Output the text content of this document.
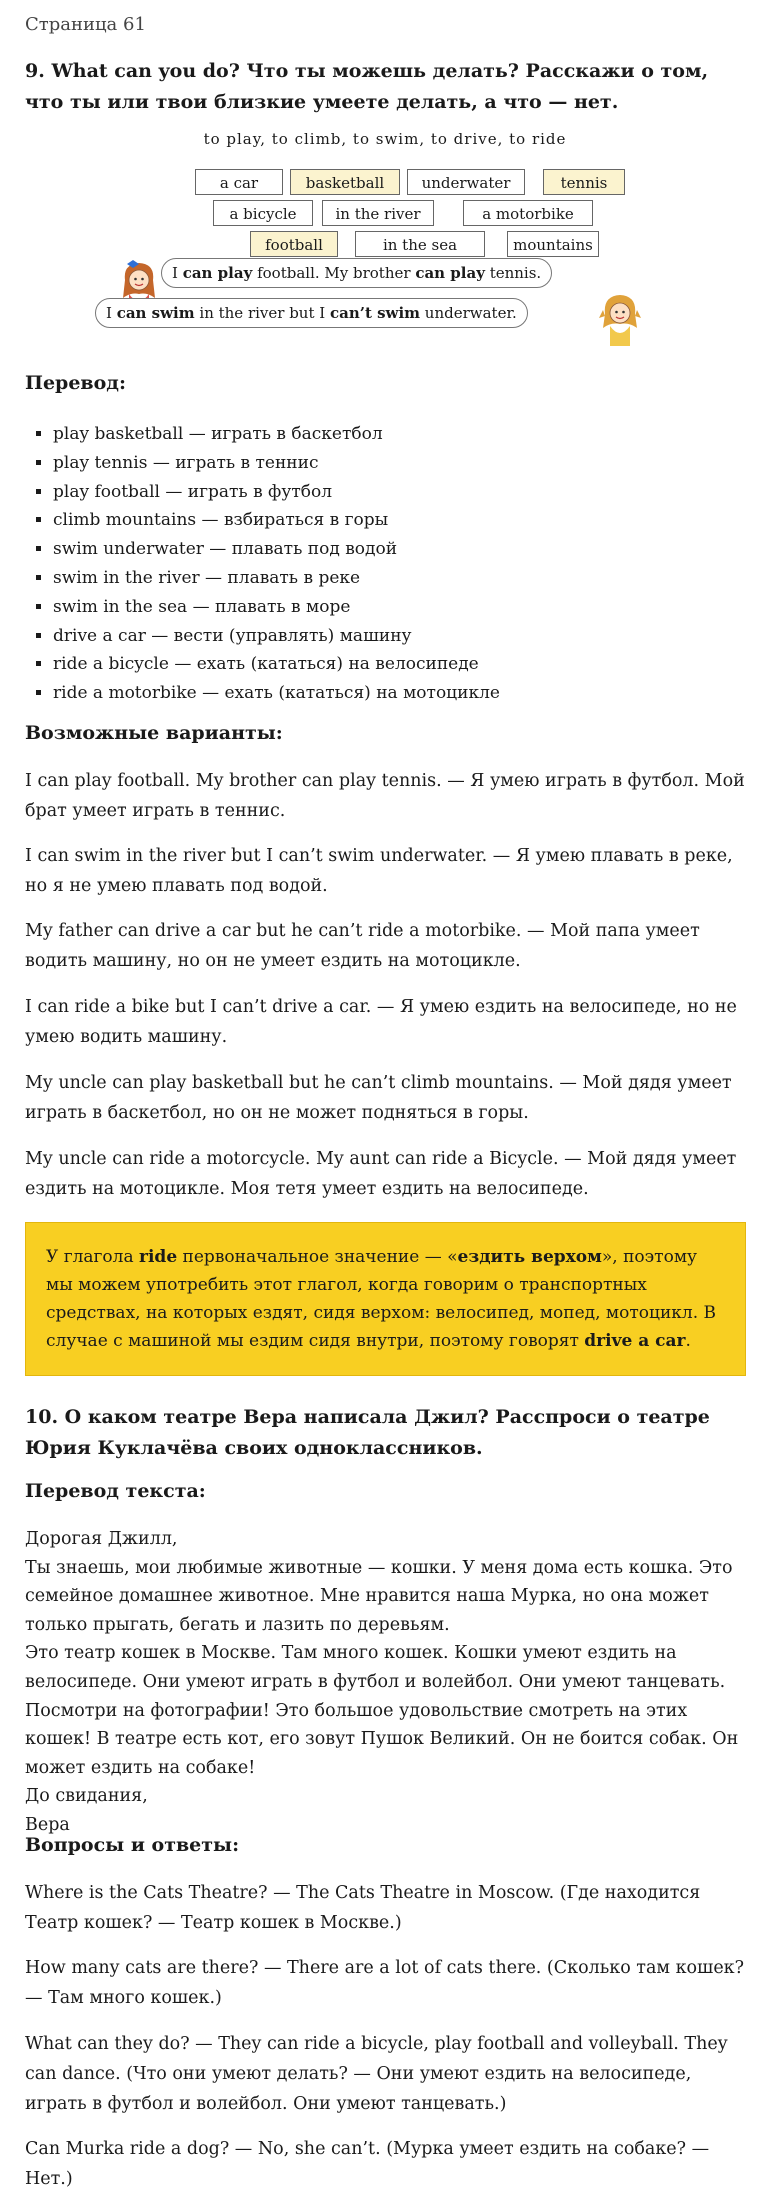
Страница 61
9. What can you do? Что ты можешь делать? Расскажи о том, что ты или твои близкие умеете делать, а что — нет.
to play, to climb, to swim, to drive, to ride
a car	basketball	underwater	tennis
a bicycle	in the river	a motorbike
football	in the sea	mountains
I can play football. My brother can play tennis.
I can swim in the river but I can’t swim underwater.
Перевод:
▪ play basketball — играть в баскетбол
▪ play tennis — играть в теннис
▪ play football — играть в футбол
▪ climb mountains — взбираться в горы
▪ swim underwater — плавать под водой
▪ swim in the river — плавать в реке
▪ swim in the sea — плавать в море
▪ drive a car — вести (управлять) машину
▪ ride a bicycle — ехать (кататься) на велосипеде
▪ ride a motorbike — ехать (кататься) на мотоцикле
Возможные варианты:

I can play football. My brother can play tennis. — Я умею играть в футбол. Мой брат умеет играть в теннис.

I can swim in the river but I can’t swim underwater. — Я умею плавать в реке, но я не умею плавать под водой.

My father can drive a car but he can’t ride a motorbike. — Мой папа умеет водить машину, но он не умеет ездить на мотоцикле.

I can ride a bike but I can’t drive a car. — Я умею ездить на велосипеде, но не умею водить машину.

My uncle can play basketball but he can’t climb mountains. — Мой дядя умеет играть в баскетбол, но он не может подняться в горы.

My uncle can ride a motorcycle. My aunt can ride a Bicycle. — Мой дядя умеет ездить на мотоцикле. Моя тетя умеет ездить на велосипеде.

У глагола ride первоначальное значение — «ездить верхом», поэтому мы можем употребить этот глагол, когда говорим о транспортных средствах, на которых ездят, сидя верхом: велосипед, мопед, мотоцикл. В случае с машиной мы ездим сидя внутри, поэтому говорят drive a car.
10. О каком театре Вера написала Джил? Расспроси о театре Юрия Куклачёва своих одноклассников.
Перевод текста:
Дорогая Джилл,
Ты знаешь, мои любимые животные — кошки. У меня дома есть кошка. Это семейное домашнее животное. Мне нравится наша Мурка, но она может только прыгать, бегать и лазить по деревьям.
Это театр кошек в Москве. Там много кошек. Кошки умеют ездить на велосипеде. Они умеют играть в футбол и волейбол. Они умеют танцевать. Посмотри на фотографии! Это большое удовольствие смотреть на этих кошек! В театре есть кот, его зовут Пушок Великий. Он не боится собак. Он может ездить на собаке!
До свидания,
Вера
Вопросы и ответы:

Where is the Cats Theatre? — The Cats Theatre in Moscow. (Где находится Театр кошек? — Театр кошек в Москве.)

How many cats are there? — There are a lot of cats there. (Сколько там кошек? — Там много кошек.)

What can they do? — They can ride a bicycle, play football and volleyball. They can dance. (Что они умеют делать? — Они умеют ездить на велосипеде, играть в футбол и волейбол. Они умеют танцевать.)

Can Murka ride a dog? — No, she can’t. (Мурка умеет ездить на собаке? — Нет.)
